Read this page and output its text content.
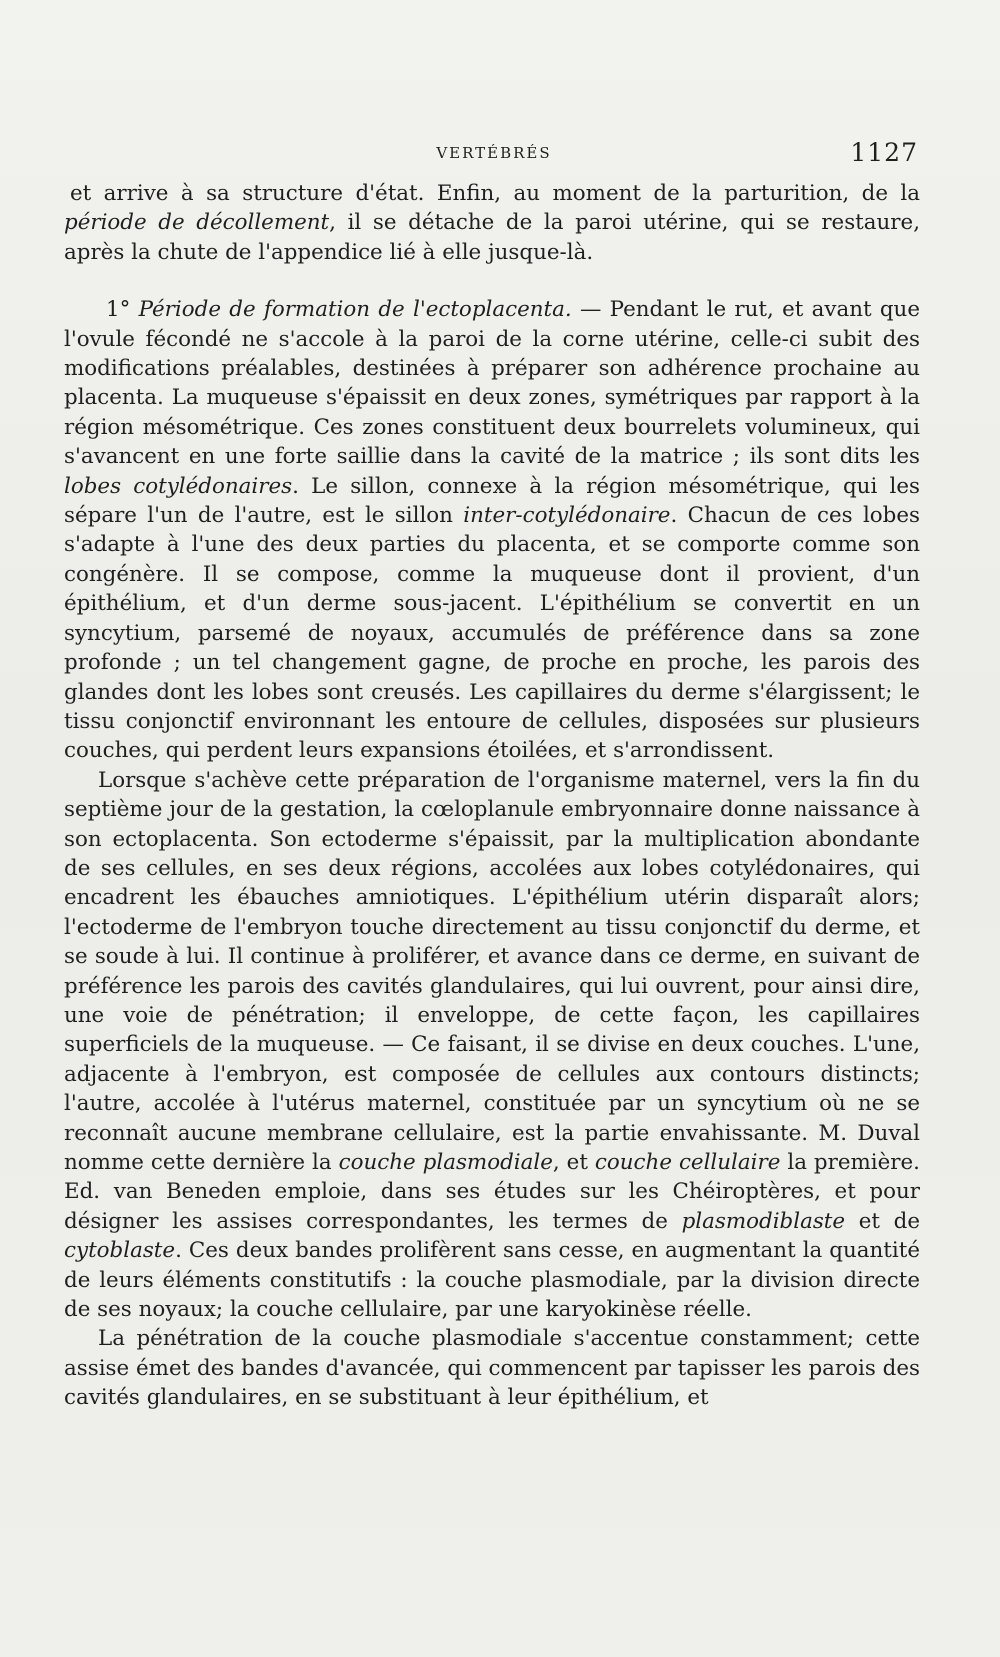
VERTÉBRÉS	1127

et arrive à sa structure d'état. Enfin, au moment de la parturition, de la période de décollement, il se détache de la paroi utérine, qui se restaure, après la chute de l'appendice lié à elle jusque-là.

1° Période de formation de l'ectoplacenta. — Pendant le rut, et avant que l'ovule fécondé ne s'accole à la paroi de la corne utérine, celle-ci subit des modifications préalables, destinées à préparer son adhérence prochaine au placenta. La muqueuse s'épaissit en deux zones, symétriques par rapport à la région mésométrique. Ces zones constituent deux bourrelets volumineux, qui s'avancent en une forte saillie dans la cavité de la matrice ; ils sont dits les lobes cotylédonaires. Le sillon, connexe à la région mésométrique, qui les sépare l'un de l'autre, est le sillon inter-cotylédonaire. Chacun de ces lobes s'adapte à l'une des deux parties du placenta, et se comporte comme son congénère. Il se compose, comme la muqueuse dont il provient, d'un épithélium, et d'un derme sous-jacent. L'épithélium se convertit en un syncytium, parsemé de noyaux, accumulés de préférence dans sa zone profonde ; un tel changement gagne, de proche en proche, les parois des glandes dont les lobes sont creusés. Les capillaires du derme s'élargissent; le tissu conjonctif environnant les entoure de cellules, disposées sur plusieurs couches, qui perdent leurs expansions étoilées, et s'arrondissent.

Lorsque s'achève cette préparation de l'organisme maternel, vers la fin du septième jour de la gestation, la cœloplanule embryonnaire donne naissance à son ectoplacenta. Son ectoderme s'épaissit, par la multiplication abondante de ses cellules, en ses deux régions, accolées aux lobes cotylédonaires, qui encadrent les ébauches amniotiques. L'épithélium utérin disparaît alors; l'ectoderme de l'embryon touche directement au tissu conjonctif du derme, et se soude à lui. Il continue à proliférer, et avance dans ce derme, en suivant de préférence les parois des cavités glandulaires, qui lui ouvrent, pour ainsi dire, une voie de pénétration; il enveloppe, de cette façon, les capillaires superficiels de la muqueuse. — Ce faisant, il se divise en deux couches. L'une, adjacente à l'embryon, est composée de cellules aux contours distincts; l'autre, accolée à l'utérus maternel, constituée par un syncytium où ne se reconnaît aucune membrane cellulaire, est la partie envahissante. M. Duval nomme cette dernière la couche plasmodiale, et couche cellulaire la première. Ed. van Beneden emploie, dans ses études sur les Chéiroptères, et pour désigner les assises correspondantes, les termes de plasmodiblaste et de cytoblaste. Ces deux bandes prolifèrent sans cesse, en augmentant la quantité de leurs éléments constitutifs : la couche plasmodiale, par la division directe de ses noyaux; la couche cellulaire, par une karyokinèse réelle.

La pénétration de la couche plasmodiale s'accentue constamment; cette assise émet des bandes d'avancée, qui commencent par tapisser les parois des cavités glandulaires, en se substituant à leur épithélium, et
